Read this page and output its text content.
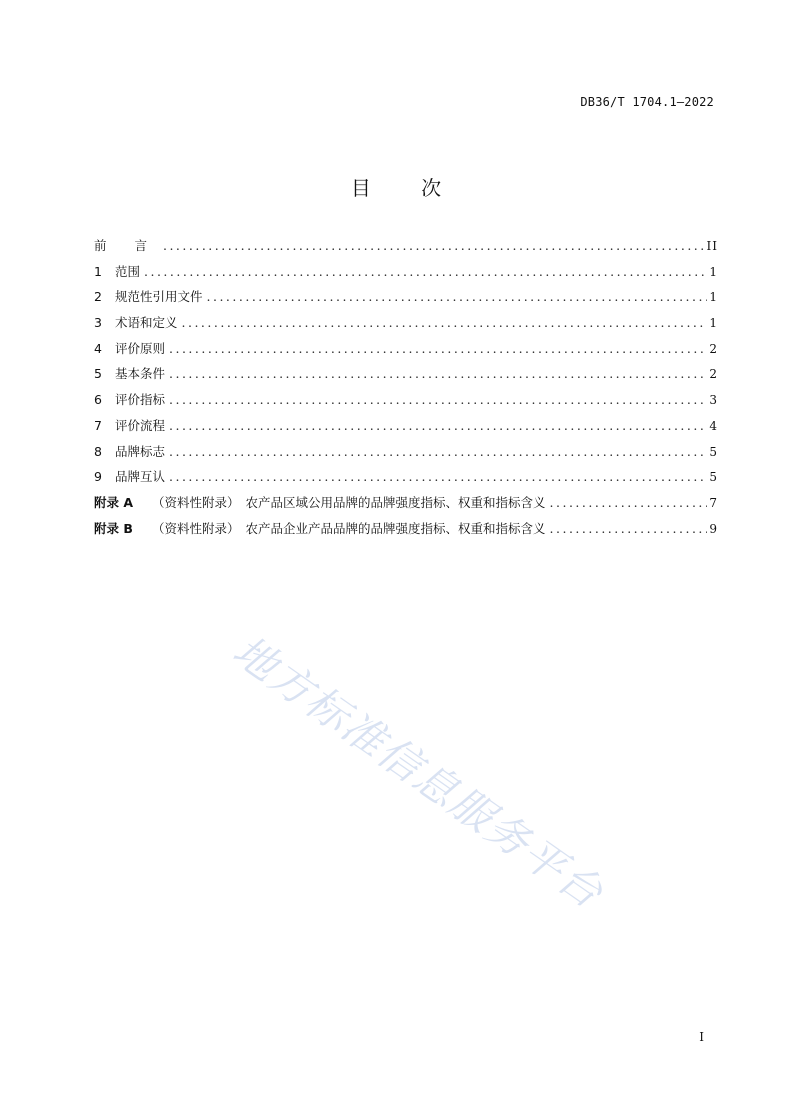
DB36/T 1704.1—2022
目 次
前 言 .....	II
1	范围 .....	1
2	规范性引用文件 .....	1
3	术语和定义 .....	1
4	评价原则 .....	2
5	基本条件 .....	2
6	评价指标 .....	3
7	评价流程 .....	4
8	品牌标志 .....	5
9	品牌互认 .....	5
附录 A	（资料性附录） 农产品区域公用品牌的品牌强度指标、权重和指标含义 .....	7
附录 B	（资料性附录） 农产品企业产品品牌的品牌强度指标、权重和指标含义 .....	9
地方标准信息服务平台
I
